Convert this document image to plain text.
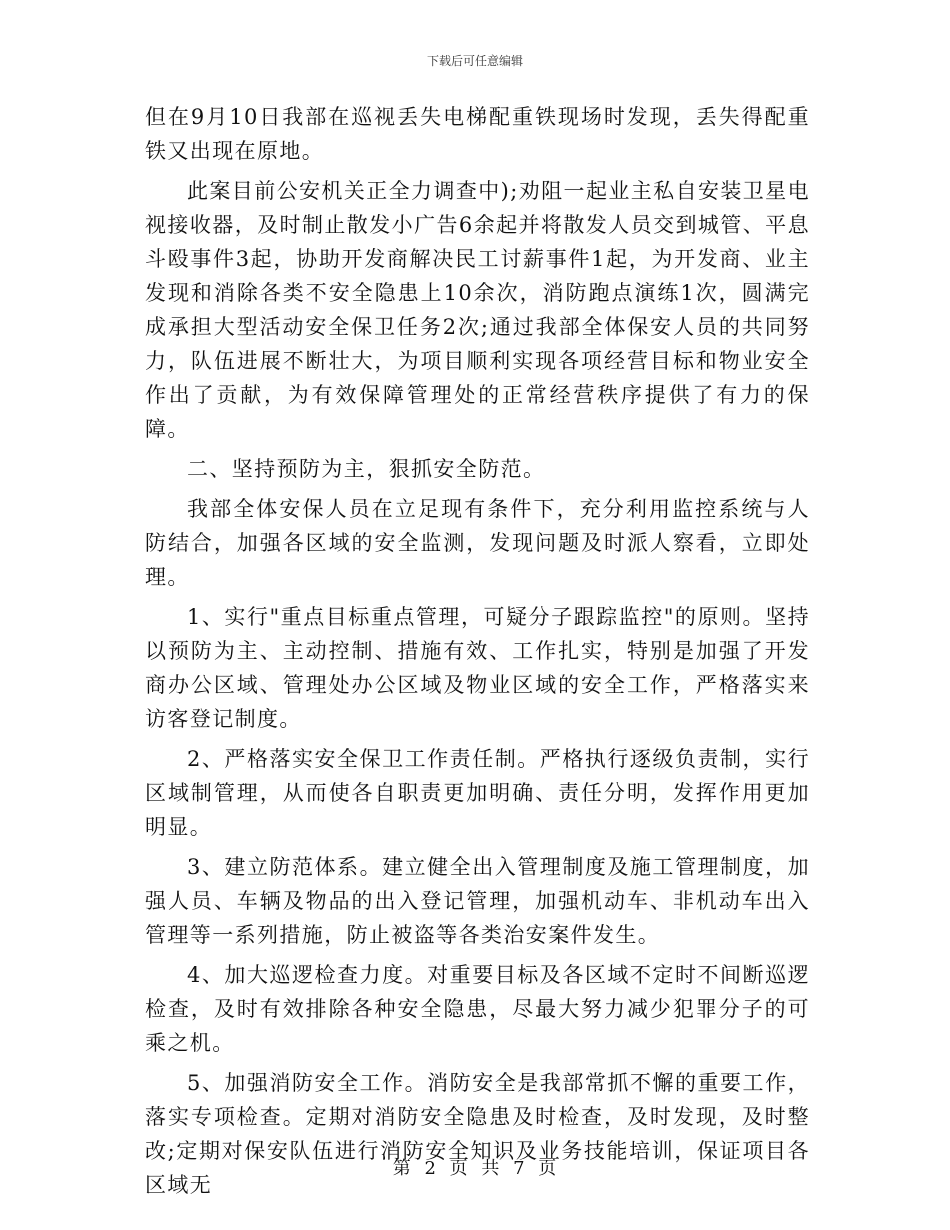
下载后可任意编辑

但在9月10日我部在巡视丢失电梯配重铁现场时发现，丢失得配重铁又出现在原地。

此案目前公安机关正全力调查中);劝阻一起业主私自安装卫星电视接收器，及时制止散发小广告6余起并将散发人员交到城管、平息斗殴事件3起，协助开发商解决民工讨薪事件1起，为开发商、业主发现和消除各类不安全隐患上10余次，消防跑点演练1次，圆满完成承担大型活动安全保卫任务2次;通过我部全体保安人员的共同努力，队伍进展不断壮大，为项目顺利实现各项经营目标和物业安全作出了贡献，为有效保障管理处的正常经营秩序提供了有力的保障。

二、坚持预防为主，狠抓安全防范。

我部全体安保人员在立足现有条件下，充分利用监控系统与人防结合，加强各区域的安全监测，发现问题及时派人察看，立即处理。

1、实行"重点目标重点管理，可疑分子跟踪监控"的原则。坚持以预防为主、主动控制、措施有效、工作扎实，特别是加强了开发商办公区域、管理处办公区域及物业区域的安全工作，严格落实来访客登记制度。

2、严格落实安全保卫工作责任制。严格执行逐级负责制，实行区域制管理，从而使各自职责更加明确、责任分明，发挥作用更加明显。

3、建立防范体系。建立健全出入管理制度及施工管理制度，加强人员、车辆及物品的出入登记管理，加强机动车、非机动车出入管理等一系列措施，防止被盗等各类治安案件发生。

4、加大巡逻检查力度。对重要目标及各区域不定时不间断巡逻检查，及时有效排除各种安全隐患，尽最大努力减少犯罪分子的可乘之机。

5、加强消防安全工作。消防安全是我部常抓不懈的重要工作，落实专项检查。定期对消防安全隐患及时检查，及时发现，及时整改;定期对保安队伍进行消防安全知识及业务技能培训，保证项目各区域无

第 2 页 共 7 页
